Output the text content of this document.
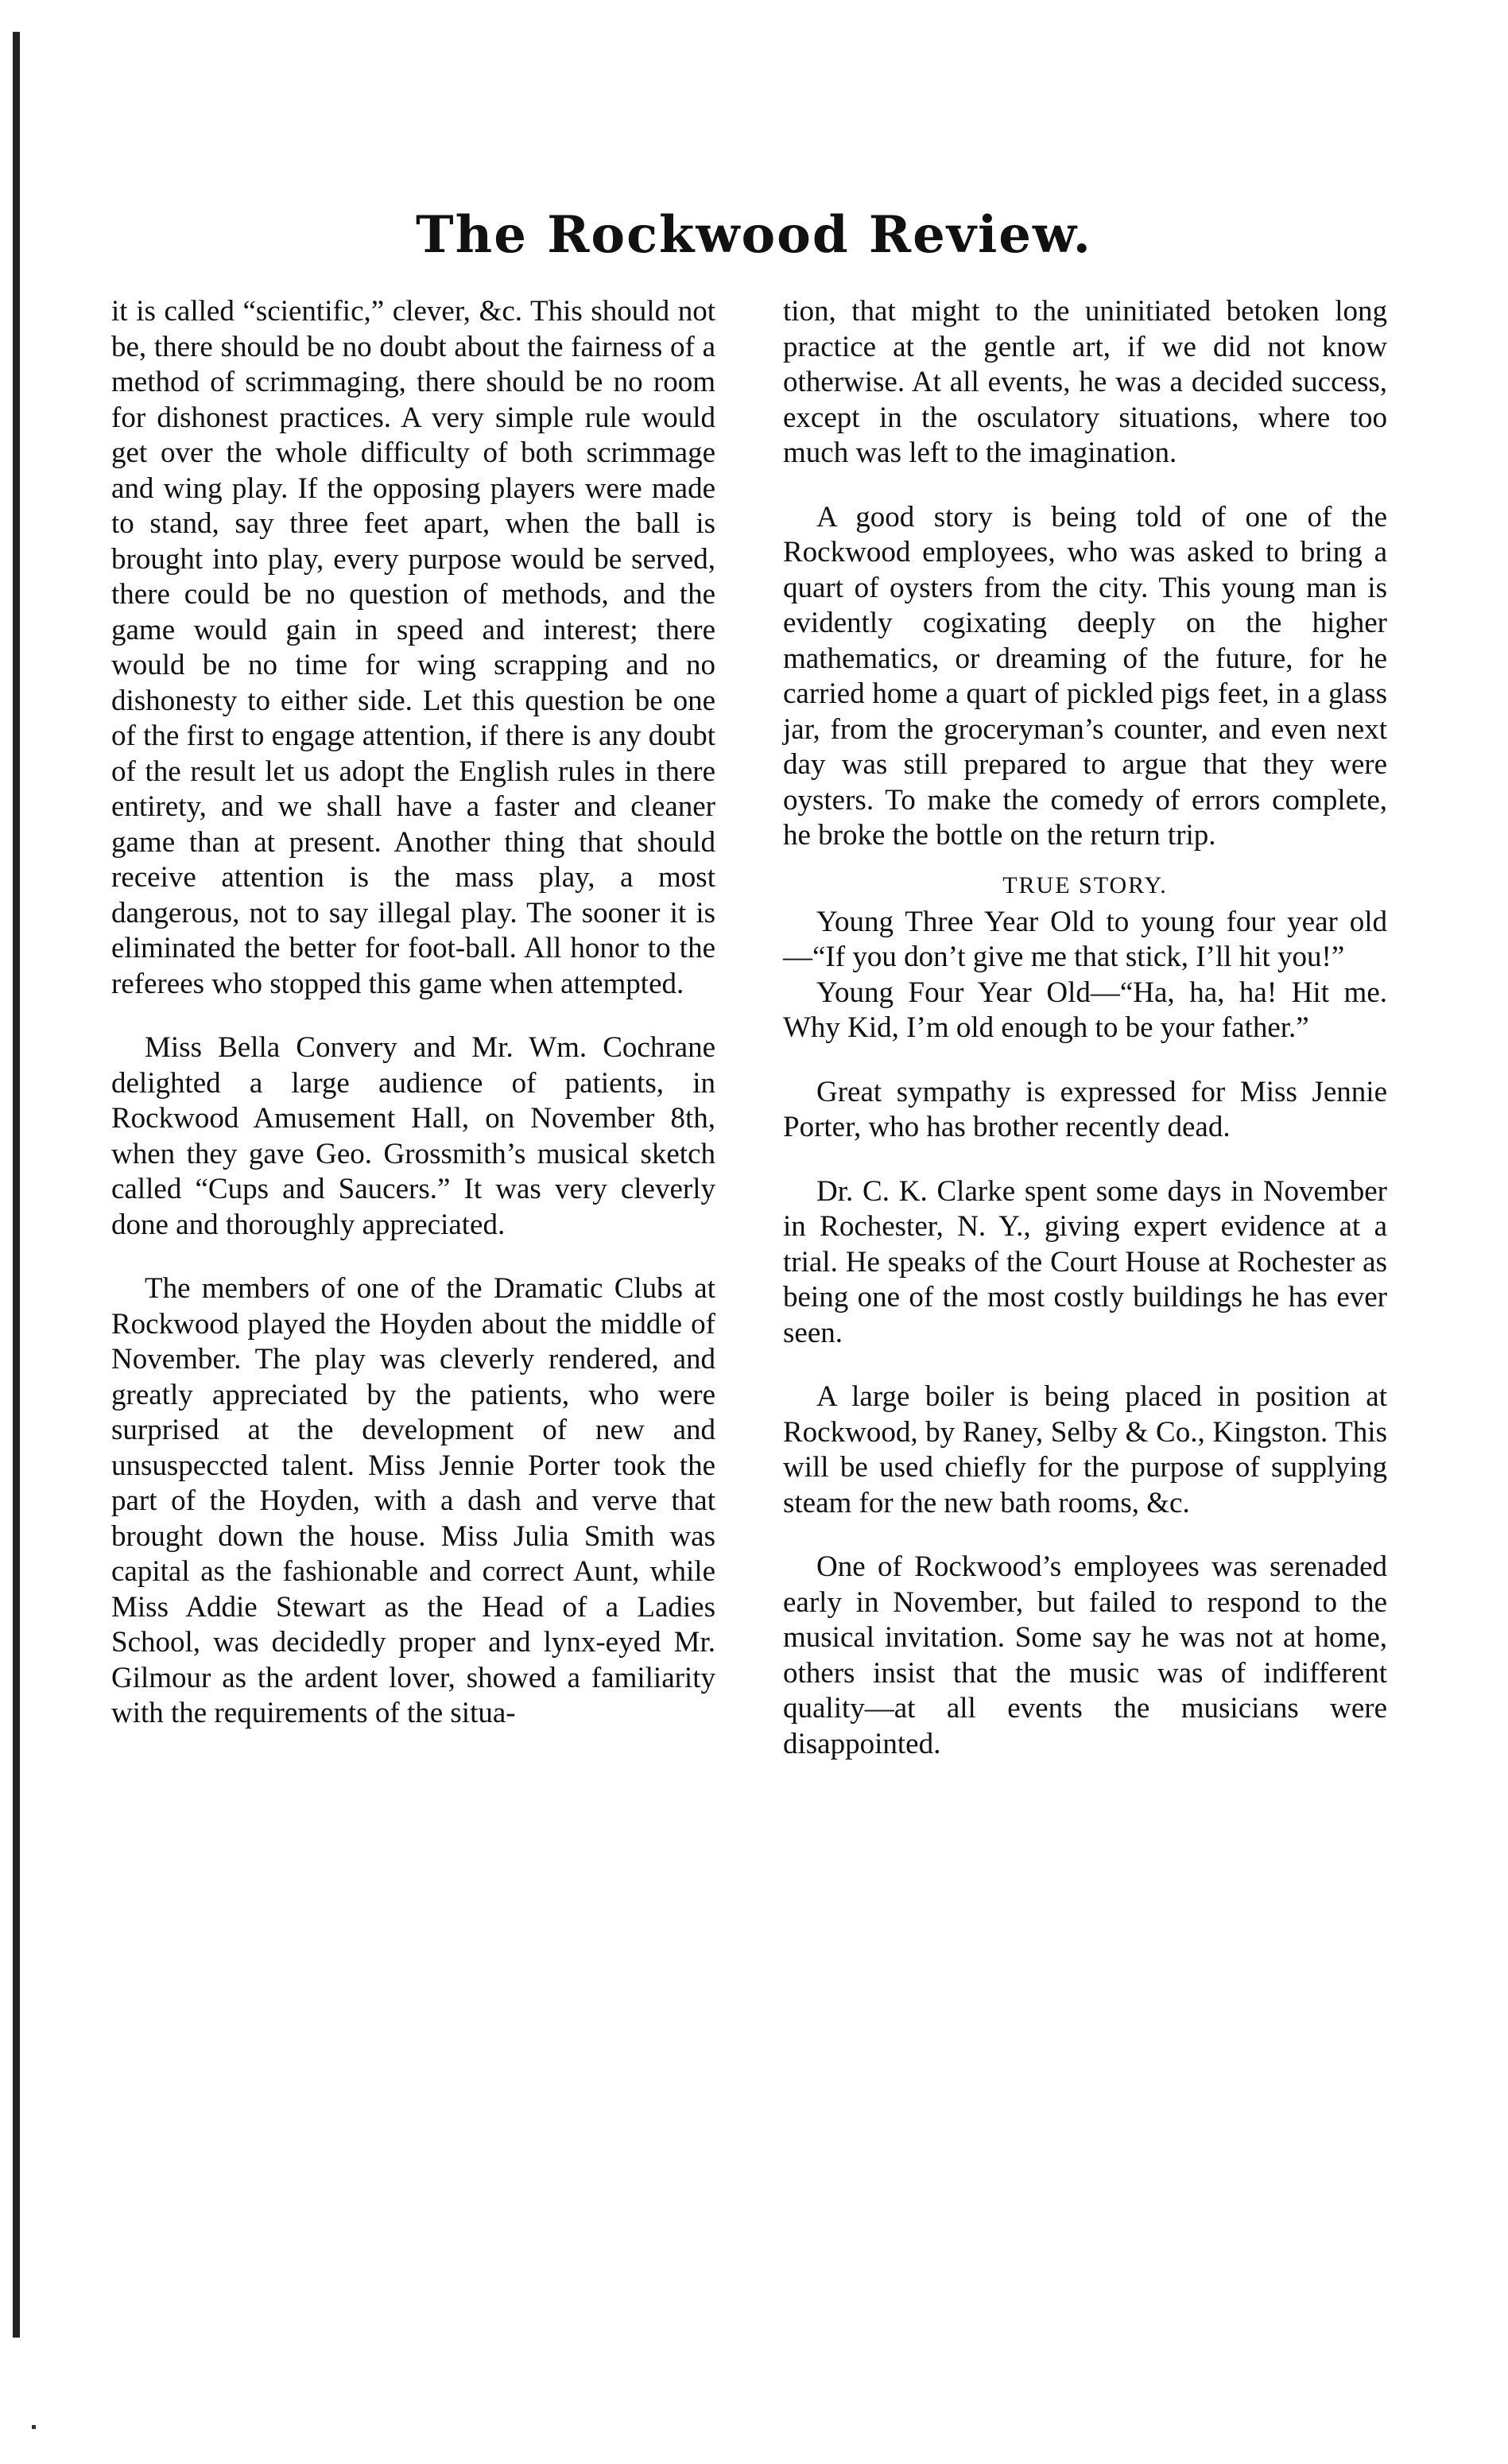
The Rockwood Review.

it is called “scientific,” clever, &c. This should not be, there should be no doubt about the fairness of a method of scrimmaging, there should be no room for dishonest practices. A very simple rule would get over the whole difficulty of both scrimmage and wing play. If the opposing players were made to stand, say three feet apart, when the ball is brought into play, every purpose would be served, there could be no question of methods, and the game would gain in speed and interest; there would be no time for wing scrapping and no dishonesty to either side. Let this question be one of the first to engage attention, if there is any doubt of the result let us adopt the English rules in there entirety, and we shall have a faster and cleaner game than at present. Another thing that should receive attention is the mass play, a most dangerous, not to say illegal play. The sooner it is eliminated the better for foot-ball. All honor to the referees who stopped this game when attempted.

Miss Bella Convery and Mr. Wm. Cochrane delighted a large audience of patients, in Rockwood Amusement Hall, on November 8th, when they gave Geo. Grossmith’s musical sketch called “Cups and Saucers.” It was very cleverly done and thoroughly appreciated.

The members of one of the Dramatic Clubs at Rockwood played the Hoyden about the middle of November. The play was cleverly rendered, and greatly appreciated by the patients, who were surprised at the development of new and unsuspeccted talent. Miss Jennie Porter took the part of the Hoyden, with a dash and verve that brought down the house. Miss Julia Smith was capital as the fashionable and correct Aunt, while Miss Addie Stewart as the Head of a Ladies School, was decidedly proper and lynx-eyed Mr. Gilmour as the ardent lover, showed a familiarity with the requirements of the situa-

tion, that might to the uninitiated betoken long practice at the gentle art, if we did not know otherwise. At all events, he was a decided success, except in the osculatory situations, where too much was left to the imagination.

A good story is being told of one of the Rockwood employees, who was asked to bring a quart of oysters from the city. This young man is evidently cogixating deeply on the higher mathematics, or dreaming of the future, for he carried home a quart of pickled pigs feet, in a glass jar, from the groceryman’s counter, and even next day was still prepared to argue that they were oysters. To make the comedy of errors complete, he broke the bottle on the return trip.

TRUE STORY.

Young Three Year Old to young four year old—“If you don’t give me that stick, I’ll hit you!”

Young Four Year Old—“Ha, ha, ha! Hit me. Why Kid, I’m old enough to be your father.”

Great sympathy is expressed for Miss Jennie Porter, who has brother recently dead.

Dr. C. K. Clarke spent some days in November in Rochester, N. Y., giving expert evidence at a trial. He speaks of the Court House at Rochester as being one of the most costly buildings he has ever seen.

A large boiler is being placed in position at Rockwood, by Raney, Selby & Co., Kingston. This will be used chiefly for the purpose of supplying steam for the new bath rooms, &c.

One of Rockwood’s employees was serenaded early in November, but failed to respond to the musical invitation. Some say he was not at home, others insist that the music was of indifferent quality—at all events the musicians were disappointed.
